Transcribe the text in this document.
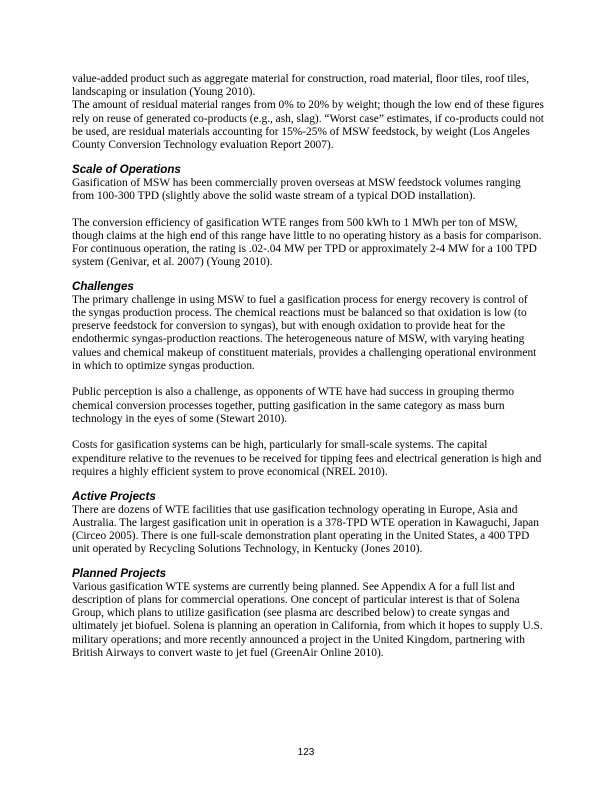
value-added product such as aggregate material for construction, road material, floor tiles, roof tiles, landscaping or insulation (Young 2010).

The amount of residual material ranges from 0% to 20% by weight; though the low end of these figures rely on reuse of generated co-products (e.g., ash, slag). “Worst case” estimates, if co-products could not be used, are residual materials accounting for 15%-25% of MSW feedstock, by weight (Los Angeles County Conversion Technology evaluation Report 2007).

Scale of Operations

Gasification of MSW has been commercially proven overseas at MSW feedstock volumes ranging from 100-300 TPD (slightly above the solid waste stream of a typical DOD installation).

The conversion efficiency of gasification WTE ranges from 500 kWh to 1 MWh per ton of MSW, though claims at the high end of this range have little to no operating history as a basis for comparison. For continuous operation, the rating is .02-.04 MW per TPD or approximately 2-4 MW for a 100 TPD system (Genivar, et al. 2007) (Young 2010).

Challenges

The primary challenge in using MSW to fuel a gasification process for energy recovery is control of the syngas production process. The chemical reactions must be balanced so that oxidation is low (to preserve feedstock for conversion to syngas), but with enough oxidation to provide heat for the endothermic syngas-production reactions. The heterogeneous nature of MSW, with varying heating values and chemical makeup of constituent materials, provides a challenging operational environment in which to optimize syngas production.

Public perception is also a challenge, as opponents of WTE have had success in grouping thermo chemical conversion processes together, putting gasification in the same category as mass burn technology in the eyes of some (Stewart 2010).

Costs for gasification systems can be high, particularly for small-scale systems. The capital expenditure relative to the revenues to be received for tipping fees and electrical generation is high and requires a highly efficient system to prove economical (NREL 2010).

Active Projects

There are dozens of WTE facilities that use gasification technology operating in Europe, Asia and Australia. The largest gasification unit in operation is a 378-TPD WTE operation in Kawaguchi, Japan (Circeo 2005). There is one full-scale demonstration plant operating in the United States, a 400 TPD unit operated by Recycling Solutions Technology, in Kentucky (Jones 2010).

Planned Projects

Various gasification WTE systems are currently being planned. See Appendix A for a full list and description of plans for commercial operations. One concept of particular interest is that of Solena Group, which plans to utilize gasification (see plasma arc described below) to create syngas and ultimately jet biofuel. Solena is planning an operation in California, from which it hopes to supply U.S. military operations; and more recently announced a project in the United Kingdom, partnering with British Airways to convert waste to jet fuel (GreenAir Online 2010).

123
